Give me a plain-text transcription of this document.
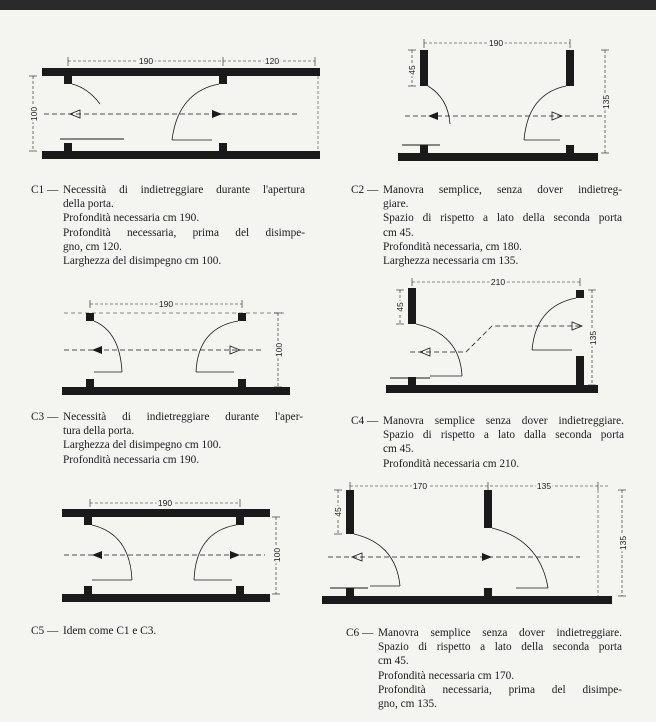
190	120
100
190
45
135
190
100
210
45
135
190
100
170	135
45
135
C1 — Necessità di indietreggiare durante l'apertura
della porta.
Profondità necessaria cm 190.
Profondità necessaria, prima del disimpe-
gno, cm 120.
Larghezza del disimpegno cm 100.
C2 — Manovra semplice, senza dover indietreg-
giare.
Spazio di rispetto a lato della seconda porta
cm 45.
Profondità necessaria, cm 180.
Larghezza necessaria cm 135.
C3 — Necessità di indietreggiare durante l'aper-
tura della porta.
Larghezza del disimpegno cm 100.
Profondità necessaria cm 190.
C4 — Manovra semplice senza dover indietreggiare.
Spazio di rispetto a lato dalla seconda porta
cm 45.
Profondità necessaria cm 210.
C5 — Idem come C1 e C3.	C6 — Manovra semplice senza dover indietreggiare.
Spazio di rispetto a lato della seconda porta
cm 45.
Profondità necessaria cm 170.
Profondità necessaria, prima del disimpe-
gno, cm 135.
